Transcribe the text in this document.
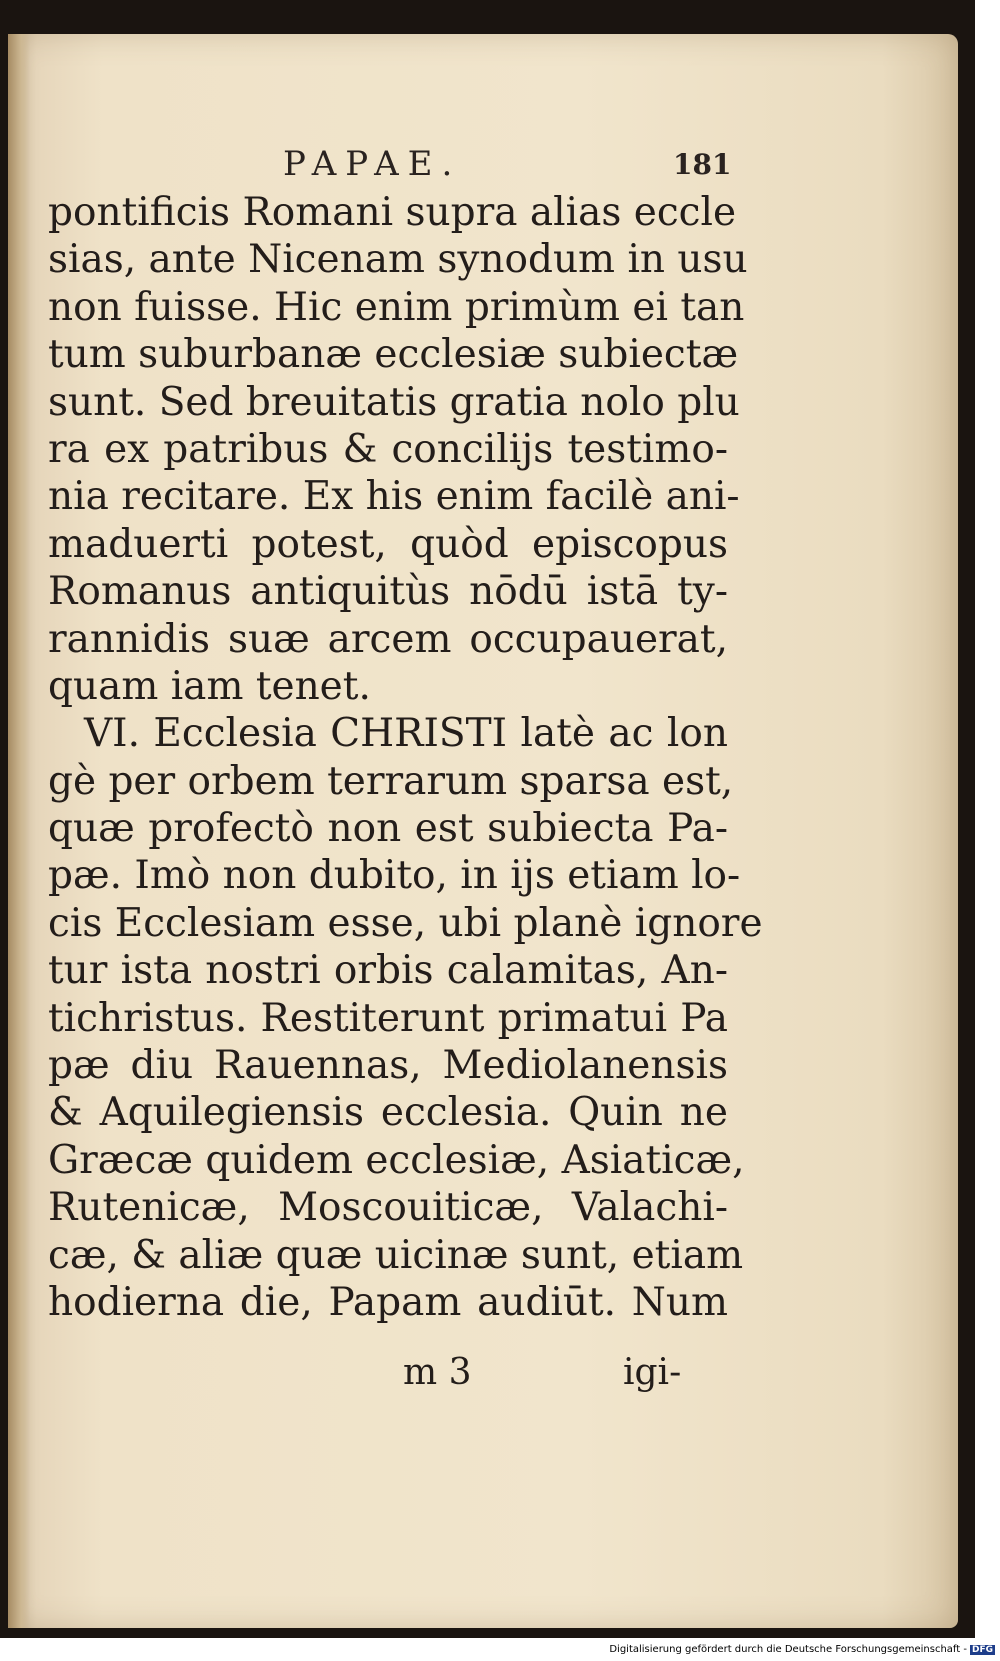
PAPAE.	181
pontificis Romani supra alias eccle
sias, ante Nicenam synodum in usu
non fuisse. Hic enim primùm ei tan
tum suburbanæ ecclesiæ subiectæ
sunt. Sed breuitatis gratia nolo plu
ra ex patribus & concilijs testimo-
nia recitare. Ex his enim facilè ani-
maduerti potest, quòd episcopus
Romanus antiquitùs nōdū istā ty-
rannidis suæ arcem occupauerat,
quam iam tenet.
VI. Ecclesia CHRISTI latè ac lon
gè per orbem terrarum sparsa est,
quæ profectò non est subiecta Pa-
pæ. Imò non dubito, in ijs etiam lo-
cis Ecclesiam esse, ubi planè ignore
tur ista nostri orbis calamitas, An-
tichristus. Restiterunt primatui Pa
pæ diu Rauennas, Mediolanensis
& Aquilegiensis ecclesia. Quin ne
Græcæ quidem ecclesiæ, Asiaticæ,
Rutenicæ, Moscouiticæ, Valachi-
cæ, & aliæ quæ uicinæ sunt, etiam
hodierna die, Papam audiūt. Num
m 3	igi-
Digitalisierung gefördert durch die Deutsche Forschungsgemeinschaft - DFG
